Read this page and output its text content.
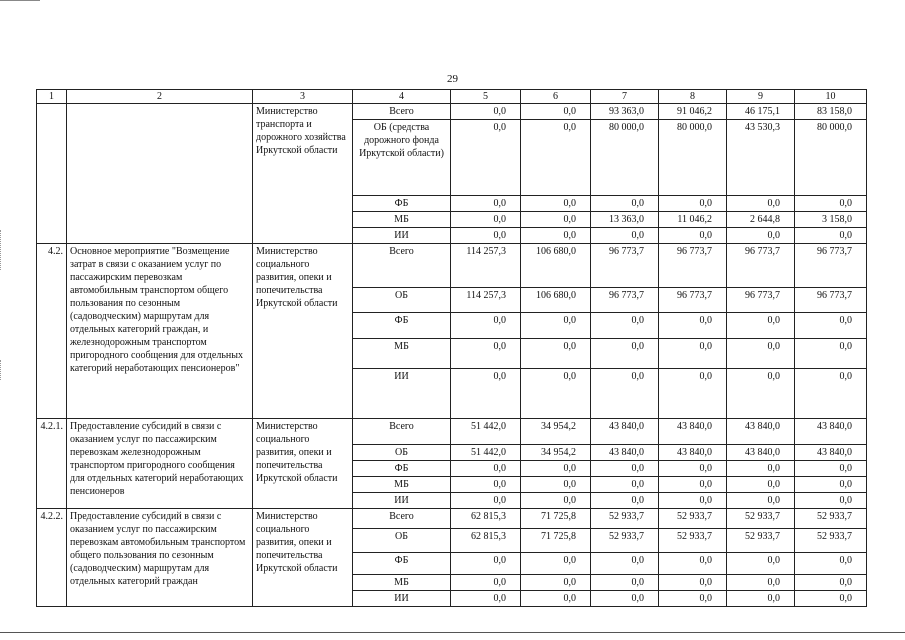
29
1	2	3	4	5	6	7	8	9	10
		Министерство транспорта и дорожного хозяйства Иркутской области	Всего	0,0	0,0	93 363,0	91 046,2	46 175,1	83 158,0
			ОБ (средства дорожного фонда Иркутской области)	0,0	0,0	80 000,0	80 000,0	43 530,3	80 000,0
			ФБ	0,0	0,0	0,0	0,0	0,0	0,0
			МБ	0,0	0,0	13 363,0	11 046,2	2 644,8	3 158,0
			ИИ	0,0	0,0	0,0	0,0	0,0	0,0
4.2.	Основное мероприятие "Возмещение затрат в связи с оказанием услуг по пассажирским перевозкам автомобильным транспортом общего пользования по сезонным (садоводческим) маршрутам для отдельных категорий граждан, и железнодорожным транспортом пригородного сообщения для отдельных категорий неработающих пенсионеров"	Министерство социального развития, опеки и попечительства Иркутской области	Всего	114 257,3	106 680,0	96 773,7	96 773,7	96 773,7	96 773,7
			ОБ	114 257,3	106 680,0	96 773,7	96 773,7	96 773,7	96 773,7
			ФБ	0,0	0,0	0,0	0,0	0,0	0,0
			МБ	0,0	0,0	0,0	0,0	0,0	0,0
			ИИ	0,0	0,0	0,0	0,0	0,0	0,0
4.2.1.	Предоставление субсидий в связи с оказанием услуг по пассажирским перевозкам железнодорожным транспортом пригородного сообщения для отдельных категорий неработающих пенсионеров	Министерство социального развития, опеки и попечительства Иркутской области	Всего	51 442,0	34 954,2	43 840,0	43 840,0	43 840,0	43 840,0
			ОБ	51 442,0	34 954,2	43 840,0	43 840,0	43 840,0	43 840,0
			ФБ	0,0	0,0	0,0	0,0	0,0	0,0
			МБ	0,0	0,0	0,0	0,0	0,0	0,0
			ИИ	0,0	0,0	0,0	0,0	0,0	0,0
4.2.2.	Предоставление субсидий в связи с оказанием услуг по пассажирским перевозкам автомобильным транспортом общего пользования по сезонным (садоводческим) маршрутам для отдельных категорий граждан	Министерство социального развития, опеки и попечительства Иркутской области	Всего	62 815,3	71 725,8	52 933,7	52 933,7	52 933,7	52 933,7
			ОБ	62 815,3	71 725,8	52 933,7	52 933,7	52 933,7	52 933,7
			ФБ	0,0	0,0	0,0	0,0	0,0	0,0
			МБ	0,0	0,0	0,0	0,0	0,0	0,0
			ИИ	0,0	0,0	0,0	0,0	0,0	0,0
